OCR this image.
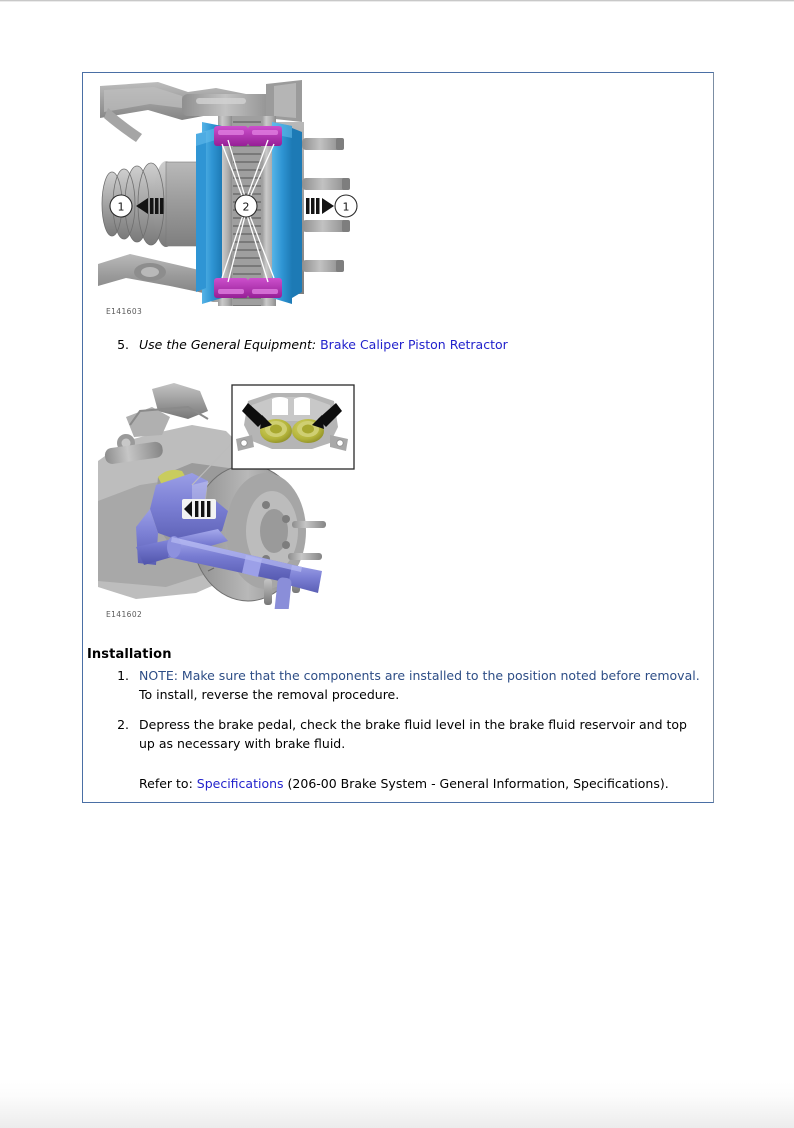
1	2	1
E141603
5. Use the General Equipment: Brake Caliper Piston Retractor
E141602
Installation
1. NOTE: Make sure that the components are installed to the position noted before removal.
To install, reverse the removal procedure.
2. Depress the brake pedal, check the brake fluid level in the brake fluid reservoir and top up as necessary with brake fluid.
Refer to: Specifications (206-00 Brake System - General Information, Specifications).
